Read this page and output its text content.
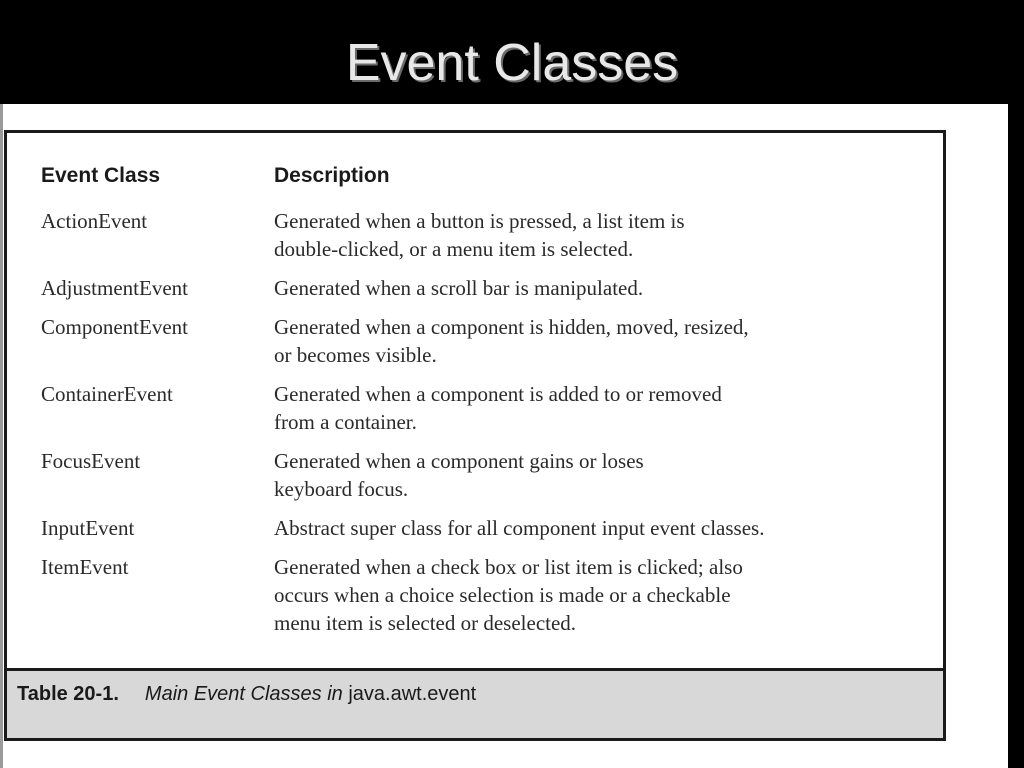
Event Classes
Event Class	Description
ActionEvent	Generated when a button is pressed, a list item is
double-clicked, or a menu item is selected.
AdjustmentEvent	Generated when a scroll bar is manipulated.
ComponentEvent	Generated when a component is hidden, moved, resized,
or becomes visible.
ContainerEvent	Generated when a component is added to or removed
from a container.
FocusEvent	Generated when a component gains or loses
keyboard focus.
InputEvent	Abstract super class for all component input event classes.
ItemEvent	Generated when a check box or list item is clicked; also
occurs when a choice selection is made or a checkable
menu item is selected or deselected.
Table 20-1. Main Event Classes in java.awt.event
